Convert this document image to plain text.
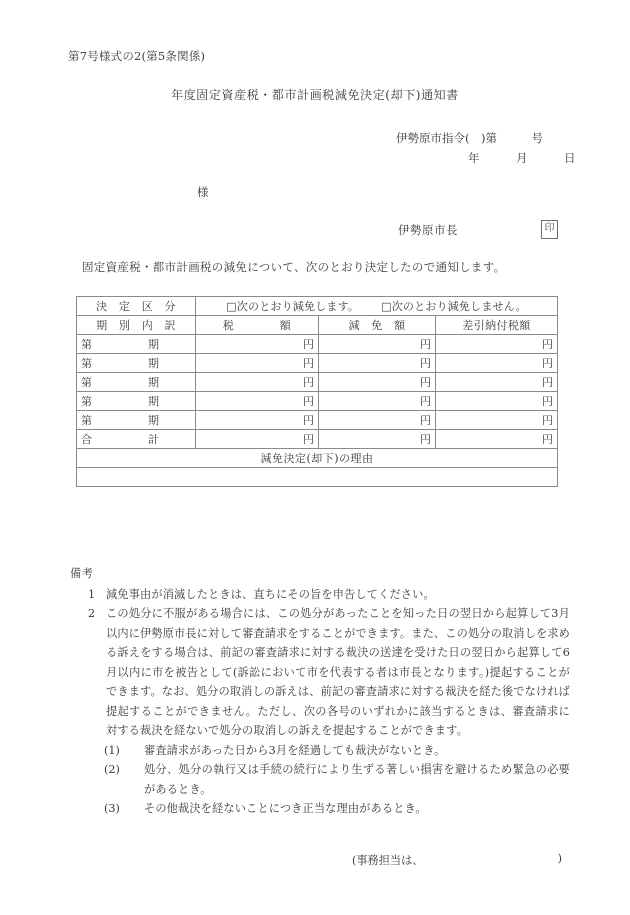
第7号様式の2(第5条関係)
年度固定資産税・都市計画税減免決定(却下)通知書
伊勢原市指令(　)第　　　号
年　　　月　　　日
様
伊勢原市長	印
固定資産税・都市計画税の減免について、次のとおり決定したので通知します。
決　定　区　分	□次のとおり減免します。 □次のとおり減免しません。		
期　別　内　訳	税　　　　額	減　免　額	差引納付税額
第 期	円	円	円
第 期	円	円	円
第 期	円	円	円
第 期	円	円	円
第 期	円	円	円
合 計	円	円	円
減免決定(却下)の理由			

備考
1 減免事由が消滅したときは、直ちにその旨を申告してください。
2 この処分に不服がある場合には、この処分があったことを知った日の翌日から起算して3月以内に伊勢原市長に対して審査請求をすることができます。また、この処分の取消しを求める訴えをする場合は、前記の審査請求に対する裁決の送達を受けた日の翌日から起算して6月以内に市を被告として(訴訟において市を代表する者は市長となります。)提起することができます。なお、処分の取消しの訴えは、前記の審査請求に対する裁決を経た後でなければ提起することができません。ただし、次の各号のいずれかに該当するときは、審査請求に対する裁決を経ないで処分の取消しの訴えを提起することができます。
(1) 審査請求があった日から3月を経過しても裁決がないとき。
(2) 処分、処分の執行又は手続の続行により生ずる著しい損害を避けるため緊急の必要があるとき。
(3) その他裁決を経ないことにつき正当な理由があるとき。
(事務担当は、	)
